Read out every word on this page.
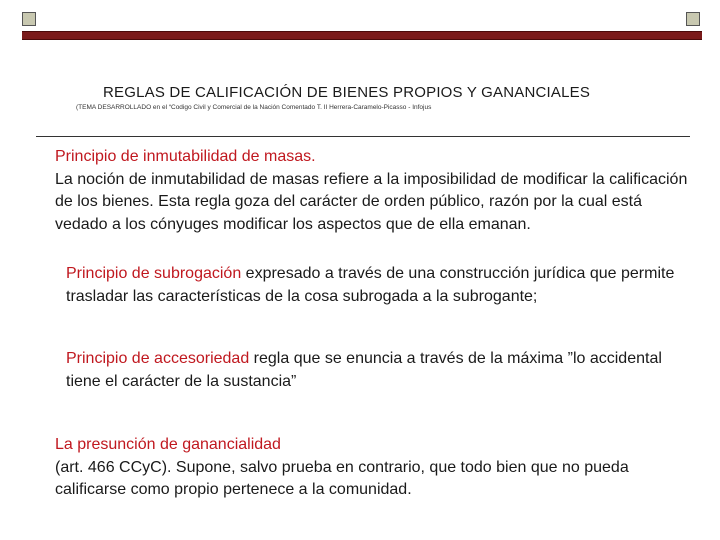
REGLAS DE CALIFICACIÓN DE BIENES PROPIOS Y GANANCIALES
(TEMA DESARROLLADO en el “Codigo Civil y Comercial de la Nación Comentado T. II Herrera-Caramelo-Picasso - Infojus
Principio de inmutabilidad de masas.
La noción de inmutabilidad de masas refiere a la imposibilidad de modificar la calificación de los bienes. Esta regla goza del carácter de orden público, razón por la cual está vedado a los cónyuges modificar los aspectos que de ella emanan.
Principio de subrogación expresado a través de una construcción jurídica que permite trasladar las características de la cosa subrogada a la subrogante;
Principio de accesoriedad regla que se enuncia a través de la máxima ”lo accidental tiene el carácter de la sustancia”
La presunción de ganancialidad
(art. 466 CCyC). Supone, salvo prueba en contrario, que todo bien que no pueda calificarse como propio pertenece a la comunidad.
